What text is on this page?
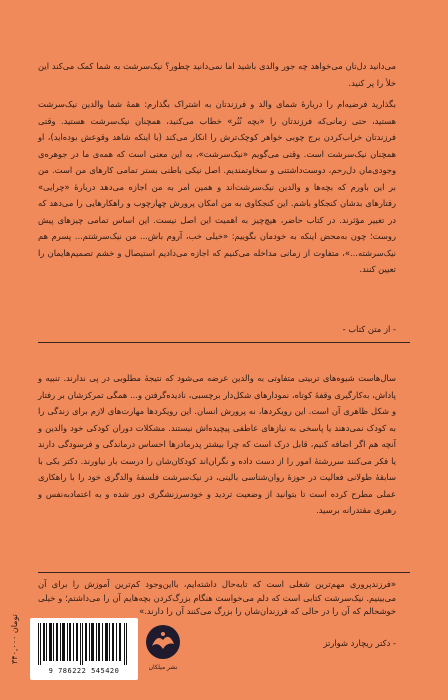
می‌دانید دل‌تان می‌خواهد چه جور والدی باشید اما نمی‌دانید چطور؟ نیک‌سرشت به شما کمک می‌کند این خلأ را پر کنید.

بگذارید فرضیه‌ام را دربارهٔ شمای والد و فرزندتان به اشتراک بگذارم: همهٔ شما والدین نیک‌سرشت هستید، حتی زمانی‌که فرزندتان را «بچه نُنُر» خطاب می‌کنید، همچنان نیک‌سرشت هستید. وقتی فرزندتان خراب‌کردن برج چوبی خواهر کوچک‌ترش را انکار می‌کند (با اینکه شاهد وقوعش بوده‌اید)، او همچنان نیک‌سرشت است. وقتی می‌گویم «نیک‌سرشت»، به این معنی است که همه‌ی ما در جوهره‌ی وجودی‌مان دل‌رحم، دوست‌داشتنی و سخاوتمندیم. اصل نیکی باطنی بستر تمامی کارهای من است. من بر این باورم که بچه‌ها و والدین نیک‌سرشت‌اند و همین امر به من اجازه می‌دهد دربارهٔ «چرایی» رفتارهای بدشان کنجکاو باشم. این کنجکاوی به من امکان پرورش چهارچوب و راهکارهایی را می‌دهد که در تغییر مؤثرند. در کتاب حاضر، هیچ‌چیز به اهمیت این اصل نیست. این اساس تمامی چیزهای پیش روست؛ چون به‌محض اینکه به خودمان بگوییم: «خیلی خب، آروم باش... من نیک‌سرشتم... پسرم هم نیک‌سرشته...»، متفاوت از زمانی مداخله می‌کنیم که اجازه می‌دادیم استیصال و خشم تصمیم‌هایمان را تعیین کنند.

- از متن کتاب -

سال‌هاست شیوه‌های تربیتی متفاوتی به والدین عرضه می‌شود که نتیجهٔ مطلوبی در پی ندارند. تنبیه و پاداش، به‌کارگیری وقفهٔ کوتاه، نمودارهای شکل‌دار برچسبی، نادیده‌گرفتن و... همگی تمرکزشان بر رفتار و شکل ظاهری آن است. این رویکردها، نه پرورش انسان. این رویکردها مهارت‌های لازم برای زندگی را به کودک نمی‌دهند یا پاسخی به نیازهای عاطفی پیچیده‌اش نیستند. مشکلات دوران کودکی خود والدین و آنچه هم اگر اضافه کنیم، قابل درک است که چرا بیشتر پدرمادرها احساس درماندگی و فرسودگی دارند یا فکر می‌کنند سررشتهٔ امور را از دست داده و نگران‌اند کودکان‌شان را درست بار نیاورند. دکتر بکی با سابقهٔ طولانی فعالیت در حوزهٔ روان‌شناسی بالینی، در نیک‌سرشت فلسفهٔ والدگری خود را با راهکاری عملی مطرح کرده است تا بتوانید از وضعیت تردید و خودسرزنشگری دور شده و به اعتمادبه‌نفس و رهبری مقتدرانه برسید.

«فرزندپروری مهم‌ترین شغلی است که تابه‌حال داشته‌ایم، بااین‌وجود کم‌ترین آموزش را برای آن می‌بینیم. نیک‌سرشت کتابی است که دلم می‌خواست هنگام بزرگ‌کردن بچه‌هایم آن را می‌داشتم؛ و خیلی خوشحالم که آن را در حالی که فرزندان‌شان را بزرگ می‌کنند آن را دارند.»

- دکتر ریچارد شوارتز
۳۴۰,۰۰۰ تومان
9 786222 545420	نشر میلکان
